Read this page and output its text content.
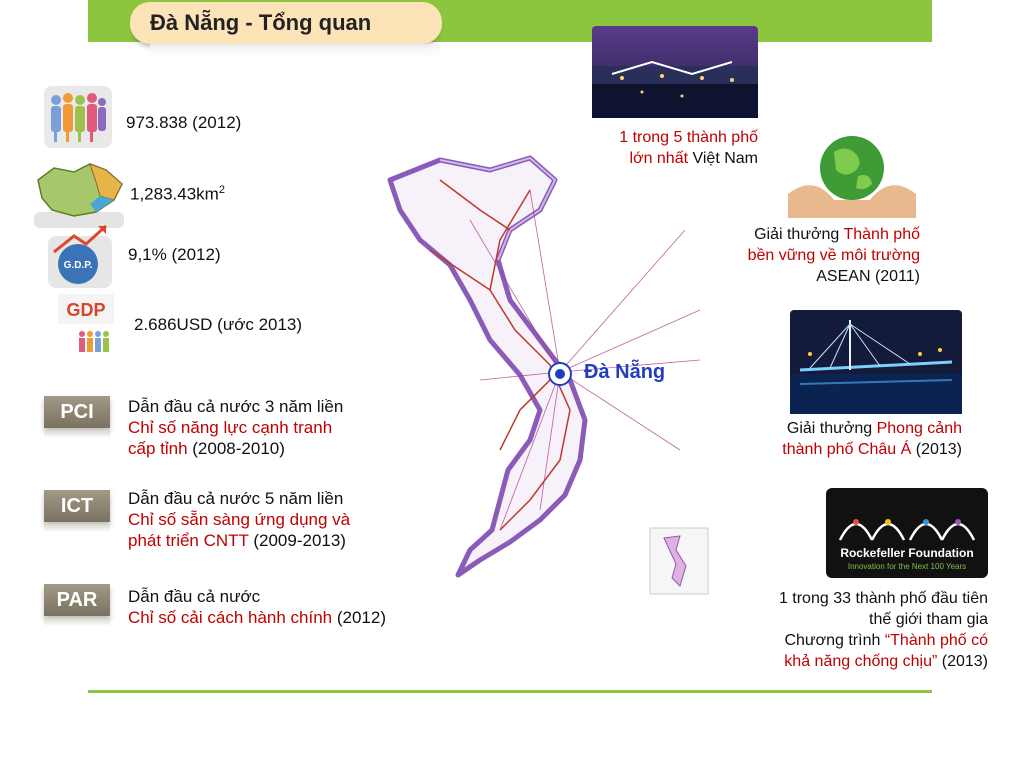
Đà Nẵng - Tổng quan
973.838 (2012)
$1,283.43km^2$
G.D.P.
9,1% (2012)
GDP
2.686USD (ước 2013)
PCI	Dẫn đầu cả nước 3 năm liền
Chỉ số năng lực cạnh tranh
cấp tỉnh (2008-2010)
ICT	Dẫn đầu cả nước 5 năm liền
Chỉ số sẵn sàng ứng dụng và
phát triển CNTT (2009-2013)
PAR	Dẫn đầu cả nước
Chỉ số cải cách hành chính (2012)
Đà Nẵng
1 trong 5 thành phố
lớn nhất Việt Nam
Giải thưởng Thành phố
bền vững về môi trường
ASEAN (2011)
Giải thưởng Phong cảnh
thành phố Châu Á (2013)
Rockefeller Foundation
Innovation for the Next 100 Years
1 trong 33 thành phố đầu tiên
thế giới tham gia
Chương trình “Thành phố có
khả năng chống chịu” (2013)
